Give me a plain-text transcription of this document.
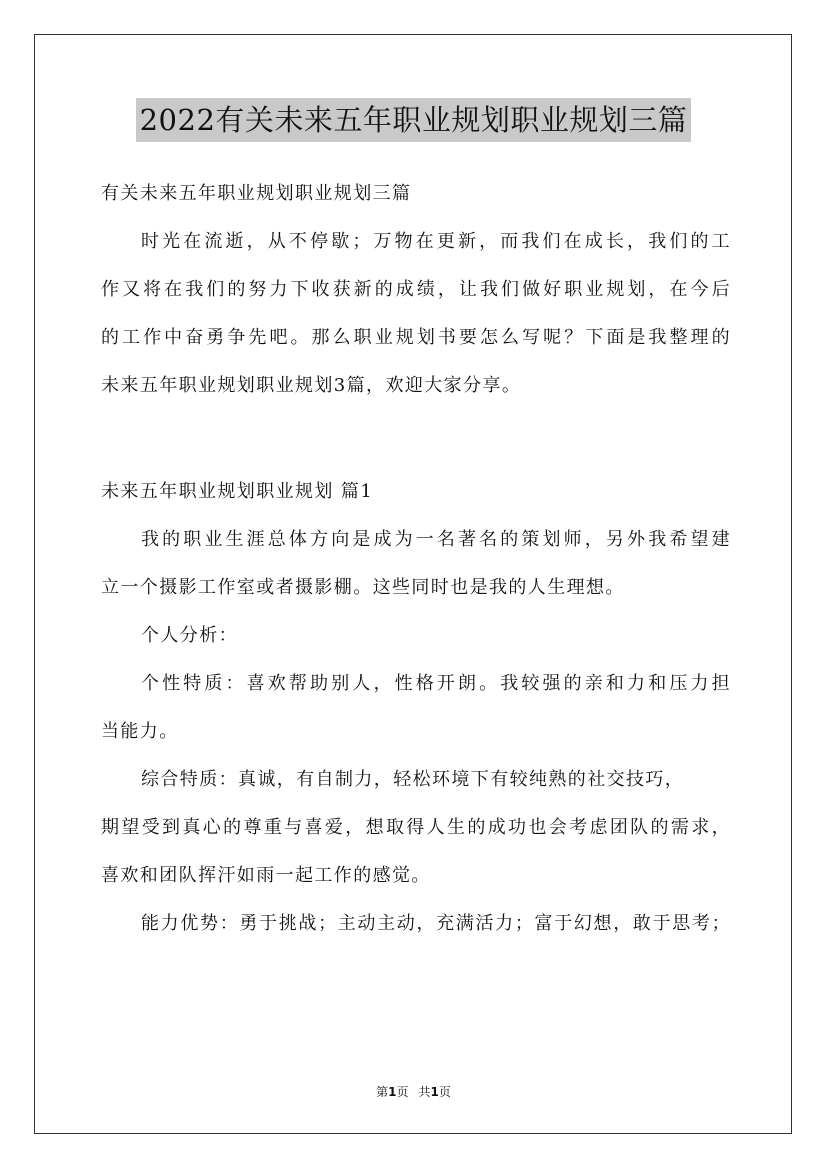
2022有关未来五年职业规划职业规划三篇
有关未来五年职业规划职业规划三篇
时光在流逝，从不停歇；万物在更新，而我们在成长，我们的工
作又将在我们的努力下收获新的成绩，让我们做好职业规划，在今后
的工作中奋勇争先吧。那么职业规划书要怎么写呢？下面是我整理的
未来五年职业规划职业规划3篇，欢迎大家分享。
未来五年职业规划职业规划 篇1
我的职业生涯总体方向是成为一名著名的策划师，另外我希望建
立一个摄影工作室或者摄影棚。这些同时也是我的人生理想。
个人分析：
个性特质：喜欢帮助别人，性格开朗。我较强的亲和力和压力担
当能力。
综合特质：真诚，有自制力，轻松环境下有较纯熟的社交技巧，
期望受到真心的尊重与喜爱，想取得人生的成功也会考虑团队的需求，
喜欢和团队挥汗如雨一起工作的感觉。
能力优势：勇于挑战；主动主动，充满活力；富于幻想，敢于思考；
第1页 共1页
